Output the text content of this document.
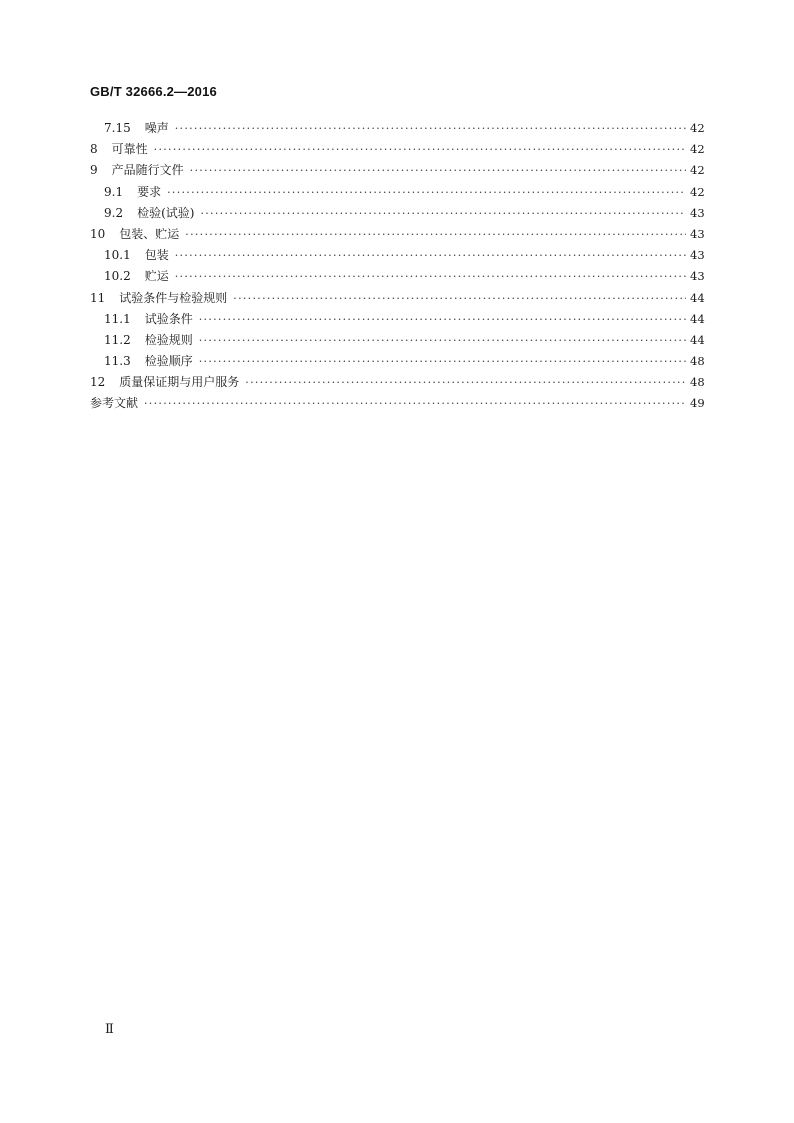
GB/T 32666.2—2016
7.15 噪声 ·····	42
8 可靠性 ·····	42
9 产品随行文件 ·····	42
9.1 要求 ·····	42
9.2 检验(试验) ·····	43
10 包装、贮运 ·····	43
10.1 包装 ·····	43
10.2 贮运 ·····	43
11 试验条件与检验规则 ·····	44
11.1 试验条件 ·····	44
11.2 检验规则 ·····	44
11.3 检验顺序 ·····	48
12 质量保证期与用户服务 ·····	48
参考文献 ·····	49
Ⅱ
